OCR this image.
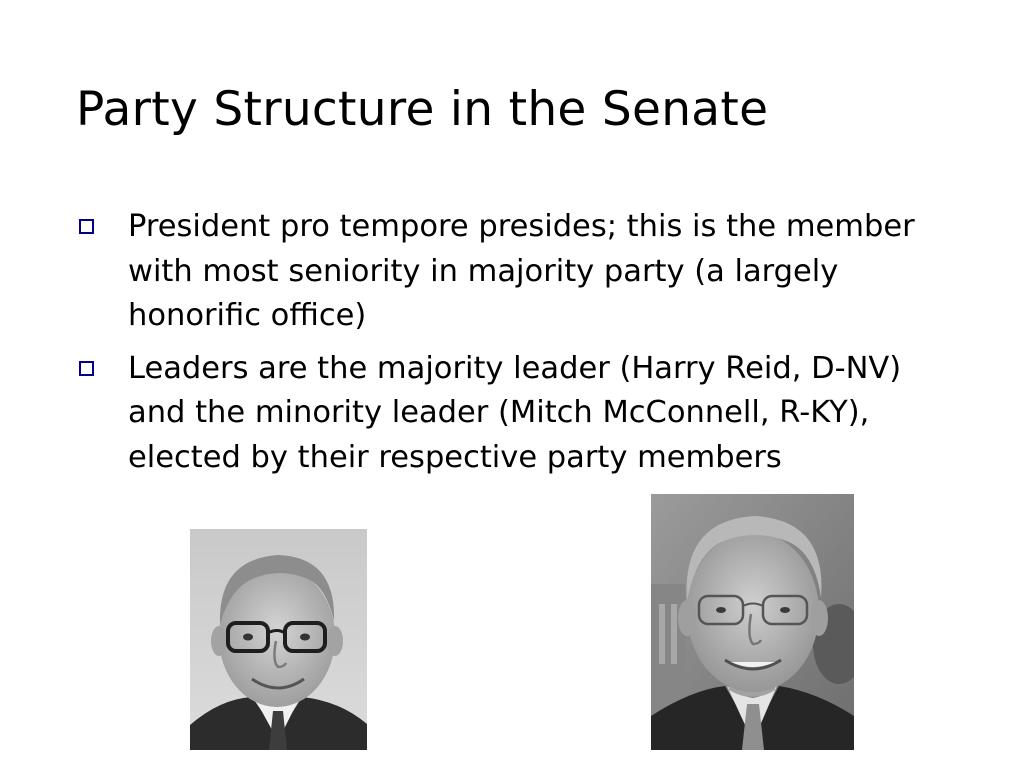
Party Structure in the Senate
President pro tempore presides; this is the member with most seniority in majority party (a largely honorific office)
Leaders are the majority leader (Harry Reid, D-NV) and the minority leader (Mitch McConnell, R-KY), elected by their respective party members
